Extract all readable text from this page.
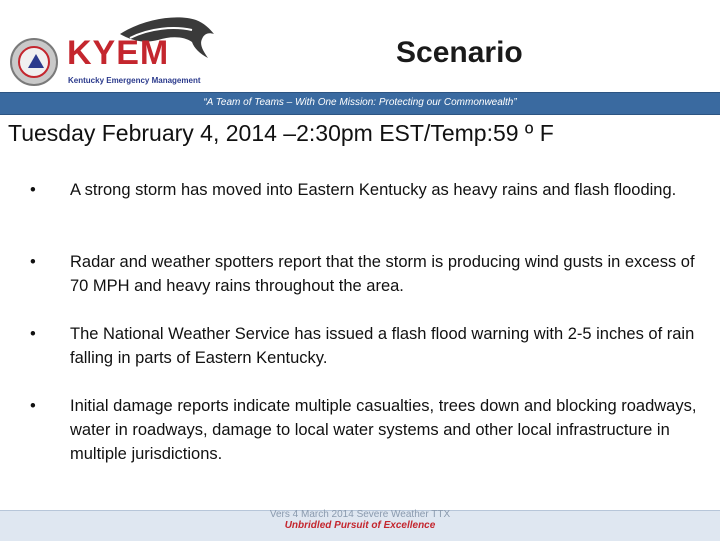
KYEM
Kentucky Emergency Management
Scenario
“A Team of Teams – With One Mission: Protecting our Commonwealth”
Tuesday February 4, 2014 –2:30pm EST/Temp:59 º F
• A strong storm has moved into Eastern Kentucky as heavy rains and flash flooding.
• Radar and weather spotters report that the storm is producing wind gusts in excess of 70 MPH and heavy rains throughout the area.
• The National Weather Service has issued a flash flood warning with 2-5 inches of rain falling in parts of Eastern Kentucky.
• Initial damage reports indicate multiple casualties, trees down and blocking roadways, water in roadways, damage to local water systems and other local infrastructure in multiple jurisdictions.
Vers 4 March 2014 Severe Weather TTX
Unbridled Pursuit of Excellence
